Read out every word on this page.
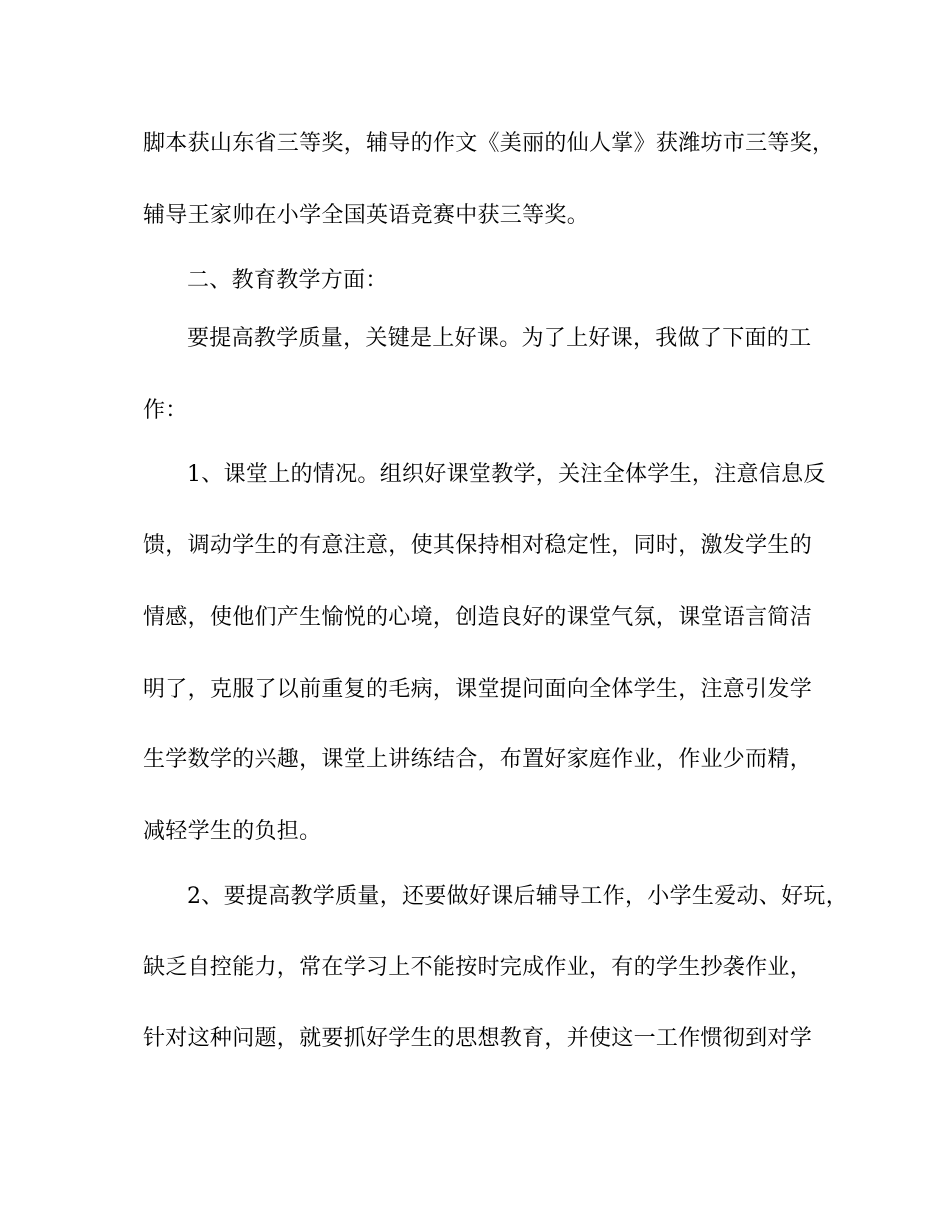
脚本获山东省三等奖，辅导的作文《美丽的仙人掌》获潍坊市三等奖，
辅导王家帅在小学全国英语竞赛中获三等奖。
二、教育教学方面：
要提高教学质量，关键是上好课。为了上好课，我做了下面的工
作：
1、课堂上的情况。组织好课堂教学，关注全体学生，注意信息反
馈，调动学生的有意注意，使其保持相对稳定性，同时，激发学生的
情感，使他们产生愉悦的心境，创造良好的课堂气氛，课堂语言简洁
明了，克服了以前重复的毛病，课堂提问面向全体学生，注意引发学
生学数学的兴趣，课堂上讲练结合，布置好家庭作业，作业少而精，
减轻学生的负担。
2、要提高教学质量，还要做好课后辅导工作，小学生爱动、好玩，
缺乏自控能力，常在学习上不能按时完成作业，有的学生抄袭作业，
针对这种问题，就要抓好学生的思想教育，并使这一工作惯彻到对学
